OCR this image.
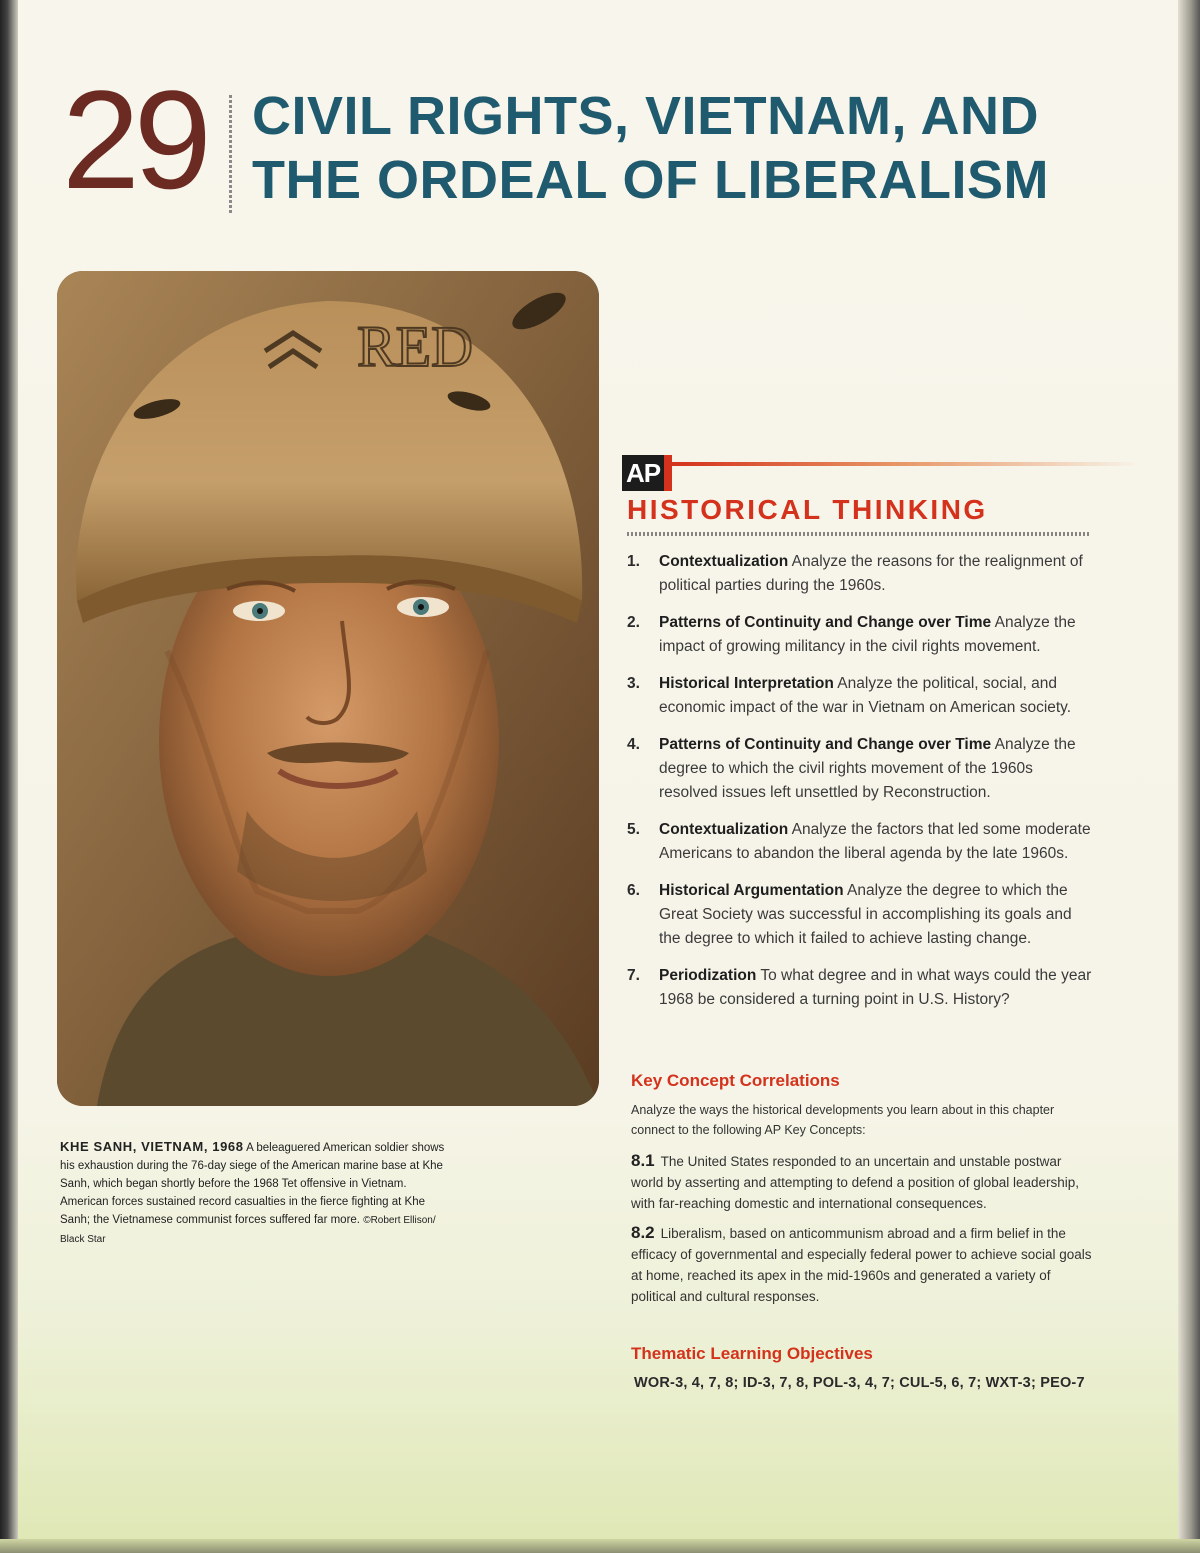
29 CIVIL RIGHTS, VIETNAM, AND
THE ORDEAL OF LIBERALISM
RED
KHE SANH, VIETNAM, 1968 A beleaguered American soldier shows his exhaustion during the 76-day siege of the American marine base at Khe Sanh, which began shortly before the 1968 Tet offensive in Vietnam. American forces sustained record casualties in the fierce fighting at Khe Sanh; the Vietnamese communist forces suffered far more. ©Robert Ellison/ Black Star
AP
HISTORICAL THINKING
1. Contextualization Analyze the reasons for the realignment of political parties during the 1960s.
2. Patterns of Continuity and Change over Time Analyze the impact of growing militancy in the civil rights movement.
3. Historical Interpretation Analyze the political, social, and economic impact of the war in Vietnam on American society.
4. Patterns of Continuity and Change over Time Analyze the degree to which the civil rights movement of the 1960s resolved issues left unsettled by Reconstruction.
5. Contextualization Analyze the factors that led some moderate Americans to abandon the liberal agenda by the late 1960s.
6. Historical Argumentation Analyze the degree to which the Great Society was successful in accomplishing its goals and the degree to which it failed to achieve lasting change.
7. Periodization To what degree and in what ways could the year 1968 be considered a turning point in U.S. History?
Key Concept Correlations
Analyze the ways the historical developments you learn about in this chapter connect to the following AP Key Concepts:
8.1 The United States responded to an uncertain and unstable postwar world by asserting and attempting to defend a position of global leadership, with far-reaching domestic and international consequences.
8.2 Liberalism, based on anticommunism abroad and a firm belief in the efficacy of governmental and especially federal power to achieve social goals at home, reached its apex in the mid-1960s and generated a variety of political and cultural responses.
Thematic Learning Objectives
WOR-3, 4, 7, 8; ID-3, 7, 8, POL-3, 4, 7; CUL-5, 6, 7; WXT-3; PEO-7
